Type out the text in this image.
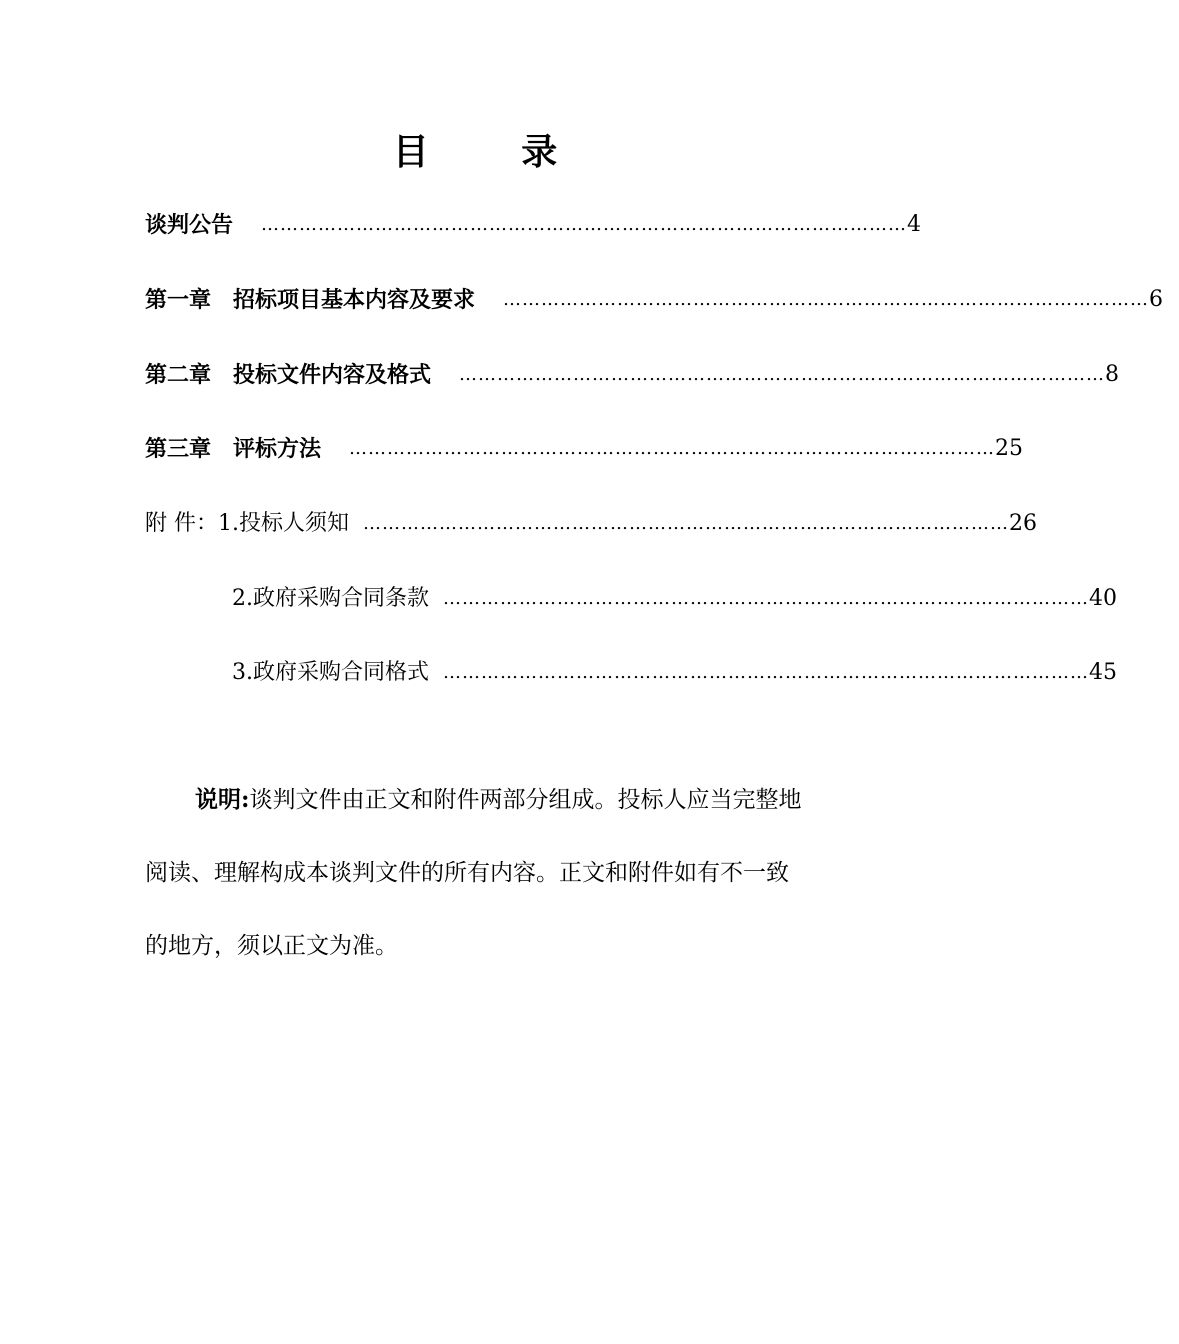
目 录
谈判公告 ………………………………………………………………………………………… 4
第一章　招标项目基本内容及要求 ………………………………………………………………………………………… 6
第二章　投标文件内容及格式 ………………………………………………………………………………………… 8
第三章　评标方法 ………………………………………………………………………………………… 25
附 件：1.投标人须知 ………………………………………………………………………………………… 26
2.政府采购合同条款 ………………………………………………………………………………………… 40
3.政府采购合同格式 ………………………………………………………………………………………… 45
说明:谈判文件由正文和附件两部分组成。投标人应当完整地阅读、理解构成本谈判文件的所有内容。正文和附件如有不一致的地方，须以正文为准。
